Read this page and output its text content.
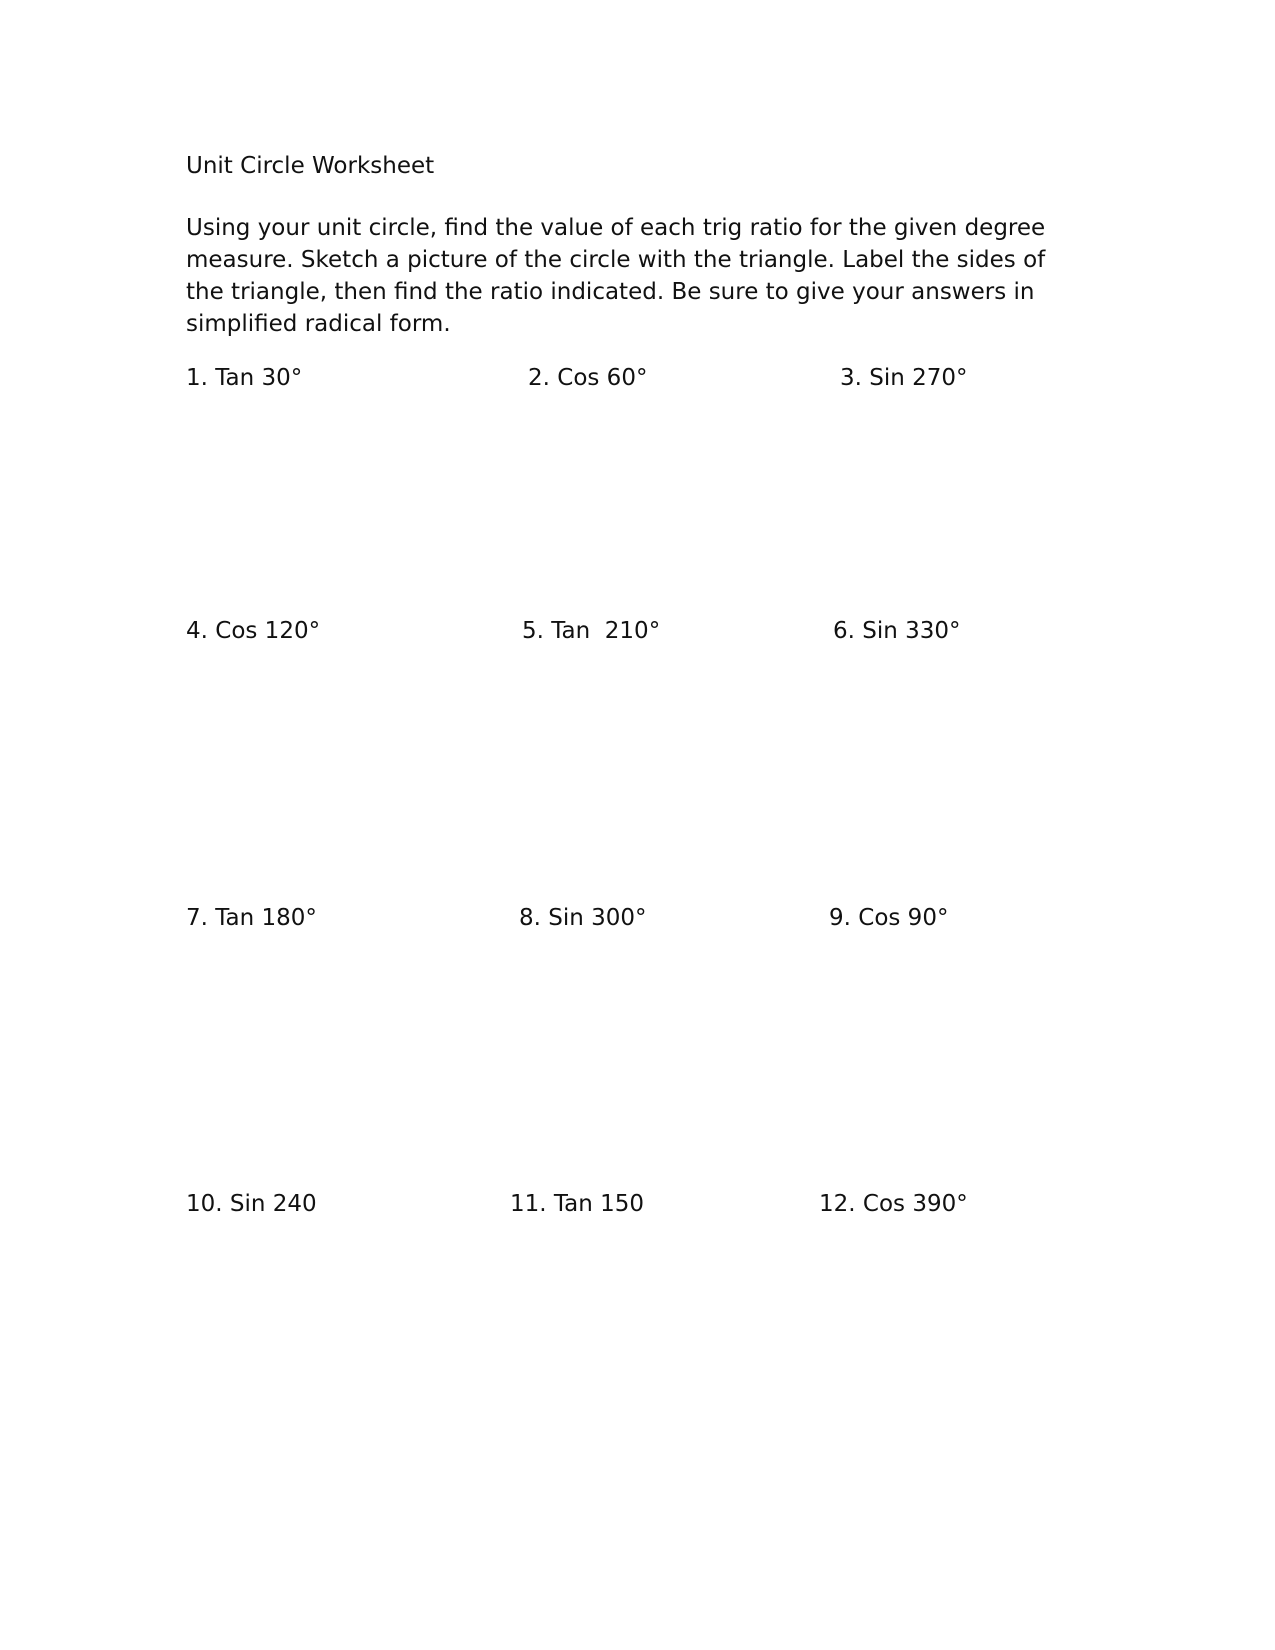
Unit Circle Worksheet

Using your unit circle, find the value of each trig ratio for the given degree measure. Sketch a picture of the circle with the triangle. Label the sides of the triangle, then find the ratio indicated. Be sure to give your answers in simplified radical form.

1. Tan 30°	2. Cos 60°	3. Sin 270°
4. Cos 120°	5. Tan  210°	6. Sin 330°
7. Tan 180°	8. Sin 300°	9. Cos 90°
10. Sin 240	11. Tan 150	12. Cos 390°
